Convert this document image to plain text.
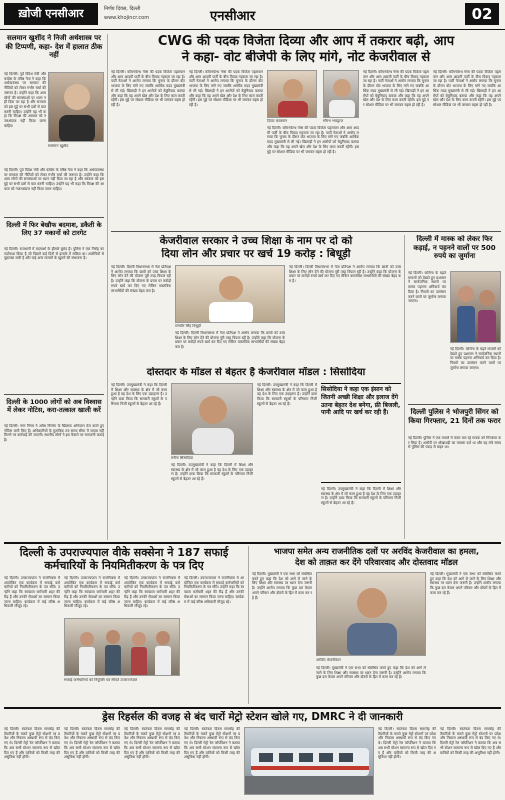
ख़ोजी एनसीआर	निर्णय दिवस, दिल्ली
www.khojincr.com	एनसीआर	02
सलमान खुर्शीद ने निजी अर्थशास्त्र पर की टिप्पणी, कहा- देश में हालात ठीक नहीं
नई दिल्ली। पूर्व विदेश मंत्री और कांग्रेस के वरिष्ठ नेता ने कहा कि अर्थव्यवस्था पर सरकार की नीतियों को लेकर गंभीर चर्चा की जरूरत है। उन्होंने कहा कि आम लोगों की समस्याओं पर ध्यान नहीं दिया जा रहा है और सरकार को इस मुद्दे पर सभी दलों से बात करनी चाहिए। उन्होंने यह भी कहा कि विपक्ष की आवाज को नजरअंदाज नहीं किया जाना चाहिए।
सलमान खुर्शीद
नई दिल्ली। पूर्व विदेश मंत्री और कांग्रेस के वरिष्ठ नेता ने कहा कि अर्थव्यवस्था पर सरकार की नीतियों को लेकर गंभीर चर्चा की जरूरत है। उन्होंने कहा कि आम लोगों की समस्याओं पर ध्यान नहीं दिया जा रहा है और सरकार को इस मुद्दे पर सभी दलों से बात करनी चाहिए। उन्होंने यह भी कहा कि विपक्ष की आवाज को नजरअंदाज नहीं किया जाना चाहिए।
दिल्ली में फिर बेखौफ बदमाश, डकैती के लिए 37 मकानों को टारगेट
नई दिल्ली। राजधानी में बदमाशों के हौसले बुलंद हैं। पुलिस ने एक गिरोह का पर्दाफाश किया है जो पिछले कई दिनों से इलाके में सक्रिय था। आरोपियों से पूछताछ जारी है और कई अन्य मामलों के खुलने की संभावना है।
दिल्ली के 1000 लोगों को अब विश्वास में लेकर नोटिस, करा-तत्काल खाली करें
नई दिल्ली। नगर निगम ने अवैध निर्माण के खिलाफ अभियान तेज करते हुए नोटिस जारी किए हैं। अधिकारियों के मुताबिक तय समय सीमा में जवाब नहीं मिलने पर कार्रवाई की जाएगी। स्थानीय लोगों ने इस फैसले पर नाराजगी जताई है।
CWG की पदक विजेता दिव्या और आप में तकरार बढ़ी, आप
ने कहा- वोट बीजेपी के लिए मांगे, नोट केजरीवाल से
नई दिल्ली। कॉमनवेल्थ गेम्स की पदक विजेता पहलवान और आम आदमी पार्टी के बीच विवाद गहराता जा रहा है। पार्टी नेताओं ने आरोप लगाया कि चुनाव के दौरान वोट भाजपा के लिए मांगे गए जबकि आर्थिक मदद मुख्यमंत्री से ली गई। खिलाड़ी ने इन आरोपों को बेबुनियाद बताया और कहा कि वह अपने खेल और देश के लिए काम करती रहेंगी। इस मुद्दे पर सोशल मीडिया पर भी जमकर बहस हो रही है।
नई दिल्ली। कॉमनवेल्थ गेम्स की पदक विजेता पहलवान और आम आदमी पार्टी के बीच विवाद गहराता जा रहा है। पार्टी नेताओं ने आरोप लगाया कि चुनाव के दौरान वोट भाजपा के लिए मांगे गए जबकि आर्थिक मदद मुख्यमंत्री से ली गई। खिलाड़ी ने इन आरोपों को बेबुनियाद बताया और कहा कि वह अपने खेल और देश के लिए काम करती रहेंगी। इस मुद्दे पर सोशल मीडिया पर भी जमकर बहस हो रही है।
दिव्या काकरान	सौरभ भारद्वाज
नई दिल्ली। कॉमनवेल्थ गेम्स की पदक विजेता पहलवान और आम आदमी पार्टी के बीच विवाद गहराता जा रहा है। पार्टी नेताओं ने आरोप लगाया कि चुनाव के दौरान वोट भाजपा के लिए मांगे गए जबकि आर्थिक मदद मुख्यमंत्री से ली गई। खिलाड़ी ने इन आरोपों को बेबुनियाद बताया और कहा कि वह अपने खेल और देश के लिए काम करती रहेंगी। इस मुद्दे पर सोशल मीडिया पर भी जमकर बहस हो रही है।
नई दिल्ली। कॉमनवेल्थ गेम्स की पदक विजेता पहलवान और आम आदमी पार्टी के बीच विवाद गहराता जा रहा है। पार्टी नेताओं ने आरोप लगाया कि चुनाव के दौरान वोट भाजपा के लिए मांगे गए जबकि आर्थिक मदद मुख्यमंत्री से ली गई। खिलाड़ी ने इन आरोपों को बेबुनियाद बताया और कहा कि वह अपने खेल और देश के लिए काम करती रहेंगी। इस मुद्दे पर सोशल मीडिया पर भी जमकर बहस हो रही है।
नई दिल्ली। कॉमनवेल्थ गेम्स की पदक विजेता पहलवान और आम आदमी पार्टी के बीच विवाद गहराता जा रहा है। पार्टी नेताओं ने आरोप लगाया कि चुनाव के दौरान वोट भाजपा के लिए मांगे गए जबकि आर्थिक मदद मुख्यमंत्री से ली गई। खिलाड़ी ने इन आरोपों को बेबुनियाद बताया और कहा कि वह अपने खेल और देश के लिए काम करती रहेंगी। इस मुद्दे पर सोशल मीडिया पर भी जमकर बहस हो रही है।
केजरीवाल सरकार ने उच्च शिक्षा के नाम पर दो को
दिया लोन और प्रचार पर खर्च 19 करोड़ : बिधूड़ी
नई दिल्ली। दिल्ली विधानसभा में नेता प्रतिपक्ष ने आरोप लगाया कि छात्रों को उच्च शिक्षा के लिए लोन देने की योजना पूरी तरह विफल रही है। उन्होंने कहा कि योजना के प्रचार पर करोड़ों रुपये खर्च कर दिए गए लेकिन वास्तविक लाभार्थियों की संख्या बेहद कम है।
रामवीर सिंह बिधूड़ी
नई दिल्ली। दिल्ली विधानसभा में नेता प्रतिपक्ष ने आरोप लगाया कि छात्रों को उच्च शिक्षा के लिए लोन देने की योजना पूरी तरह विफल रही है। उन्होंने कहा कि योजना के प्रचार पर करोड़ों रुपये खर्च कर दिए गए लेकिन वास्तविक लाभार्थियों की संख्या बेहद कम है।
नई दिल्ली। दिल्ली विधानसभा में नेता प्रतिपक्ष ने आरोप लगाया कि छात्रों को उच्च शिक्षा के लिए लोन देने की योजना पूरी तरह विफल रही है। उन्होंने कहा कि योजना के प्रचार पर करोड़ों रुपये खर्च कर दिए गए लेकिन वास्तविक लाभार्थियों की संख्या बेहद कम है।
दोस्तदार के मॉडल से बेहतर है केजरीवाल मॉडल : सिसोदिया
नई दिल्ली। उपमुख्यमंत्री ने कहा कि दिल्ली में शिक्षा और स्वास्थ्य के क्षेत्र में जो काम हुआ है वह देश के लिए एक उदाहरण है। उन्होंने दावा किया कि सरकारी स्कूलों के परिणाम निजी स्कूलों से बेहतर आ रहे हैं।
मनीष सिसोदिया
नई दिल्ली। उपमुख्यमंत्री ने कहा कि दिल्ली में शिक्षा और स्वास्थ्य के क्षेत्र में जो काम हुआ है वह देश के लिए एक उदाहरण है। उन्होंने दावा किया कि सरकारी स्कूलों के परिणाम निजी स्कूलों से बेहतर आ रहे हैं।
नई दिल्ली। उपमुख्यमंत्री ने कहा कि दिल्ली में शिक्षा और स्वास्थ्य के क्षेत्र में जो काम हुआ है वह देश के लिए एक उदाहरण है। उन्होंने दावा किया कि सरकारी स्कूलों के परिणाम निजी स्कूलों से बेहतर आ रहे हैं।
सिसोदिया ने कहा एक इंसान को जितनी अच्छी शिक्षा और इलाज देंगे उतना बेहतर देश बनेगा, फ्री बिजली, पानी आदि पर खर्च कर रही हैं।
नई दिल्ली। उपमुख्यमंत्री ने कहा कि दिल्ली में शिक्षा और स्वास्थ्य के क्षेत्र में जो काम हुआ है वह देश के लिए एक उदाहरण है। उन्होंने दावा किया कि सरकारी स्कूलों के परिणाम निजी स्कूलों से बेहतर आ रहे हैं।
दिल्ली में मास्क को लेकर फिर कड़ाई, न पहनने वालों पर 500 रुपये का जुर्माना
नई दिल्ली। कोरोना के बढ़ते मामलों को देखते हुए प्रशासन ने सार्वजनिक स्थानों पर मास्क पहनना अनिवार्य कर दिया है। नियमों का उल्लंघन करने वालों पर जुर्माना लगाया जाएगा।
नई दिल्ली। कोरोना के बढ़ते मामलों को देखते हुए प्रशासन ने सार्वजनिक स्थानों पर मास्क पहनना अनिवार्य कर दिया है। नियमों का उल्लंघन करने वालों पर जुर्माना लगाया जाएगा।
दिल्ली पुलिस ने भोजपुरी सिंगर को किया गिरफ्तार, 21 दिनों तक फरार
नई दिल्ली। पुलिस ने एक मामले में फरार चल रहे गायक को गिरफ्तार कर लिया है। आरोपी पर धोखाधड़ी का मामला दर्ज था और वह लंबे समय से पुलिस की पकड़ से बाहर था।
दिल्ली के उपराज्यपाल वीके सक्सेना ने 187 सफाई
कर्मचारियों के नियमितीकरण के पत्र दिए
नई दिल्ली। उपराज्यपाल ने राजनिवास में आयोजित एक कार्यक्रम में सफाई कर्मचारियों को नियमितीकरण के पत्र सौंपे। उन्होंने कहा कि स्वच्छता कर्मचारी शहर की रीढ़ हैं और उनकी सेवाओं का सम्मान किया जाना चाहिए। कार्यक्रम में कई वरिष्ठ अधिकारी मौजूद रहे।
नई दिल्ली। उपराज्यपाल ने राजनिवास में आयोजित एक कार्यक्रम में सफाई कर्मचारियों को नियमितीकरण के पत्र सौंपे। उन्होंने कहा कि स्वच्छता कर्मचारी शहर की रीढ़ हैं और उनकी सेवाओं का सम्मान किया जाना चाहिए। कार्यक्रम में कई वरिष्ठ अधिकारी मौजूद रहे।
सफाई कर्मचारियों को नियुक्ति पत्र सौंपते उपराज्यपाल
नई दिल्ली। उपराज्यपाल ने राजनिवास में आयोजित एक कार्यक्रम में सफाई कर्मचारियों को नियमितीकरण के पत्र सौंपे। उन्होंने कहा कि स्वच्छता कर्मचारी शहर की रीढ़ हैं और उनकी सेवाओं का सम्मान किया जाना चाहिए। कार्यक्रम में कई वरिष्ठ अधिकारी मौजूद रहे।
नई दिल्ली। उपराज्यपाल ने राजनिवास में आयोजित एक कार्यक्रम में सफाई कर्मचारियों को नियमितीकरण के पत्र सौंपे। उन्होंने कहा कि स्वच्छता कर्मचारी शहर की रीढ़ हैं और उनकी सेवाओं का सम्मान किया जाना चाहिए। कार्यक्रम में कई वरिष्ठ अधिकारी मौजूद रहे।
भाजपा समेत अन्य राजनीतिक दलों पर अरविंद केजरीवाल का हमला,
देश को ताक़त कर देंगे परिवारवाद और दोस्तवाद मॉडल
नई दिल्ली। मुख्यमंत्री ने एक सभा को संबोधित करते हुए कहा कि देश को आगे ले जाने के लिए शिक्षा और स्वास्थ्य पर ध्यान देना जरूरी है। उन्होंने आरोप लगाया कि कुछ दल केवल अपने परिवार और दोस्तों के हित में काम कर रहे हैं।
अरविंद केजरीवाल
नई दिल्ली। मुख्यमंत्री ने एक सभा को संबोधित करते हुए कहा कि देश को आगे ले जाने के लिए शिक्षा और स्वास्थ्य पर ध्यान देना जरूरी है। उन्होंने आरोप लगाया कि कुछ दल केवल अपने परिवार और दोस्तों के हित में काम कर रहे हैं।
नई दिल्ली। मुख्यमंत्री ने एक सभा को संबोधित करते हुए कहा कि देश को आगे ले जाने के लिए शिक्षा और स्वास्थ्य पर ध्यान देना जरूरी है। उन्होंने आरोप लगाया कि कुछ दल केवल अपने परिवार और दोस्तों के हित में काम कर रहे हैं।
ड्रेस रिहर्सल की वजह से बंद चारों मेट्रो स्टेशन खोले गए, DMRC ने दी जानकारी
नई दिल्ली। स्वतंत्रता दिवस समारोह की तैयारियों के चलते कुछ मेट्रो स्टेशनों पर प्रवेश और निकास अस्थायी रूप से बंद किए गए थे। दिल्ली मेट्रो रेल कॉर्पोरेशन ने बताया कि अब सभी स्टेशन सामान्य रूप से खोल दिए गए हैं और यात्रियों को किसी तरह की असुविधा नहीं होगी।
नई दिल्ली। स्वतंत्रता दिवस समारोह की तैयारियों के चलते कुछ मेट्रो स्टेशनों पर प्रवेश और निकास अस्थायी रूप से बंद किए गए थे। दिल्ली मेट्रो रेल कॉर्पोरेशन ने बताया कि अब सभी स्टेशन सामान्य रूप से खोल दिए गए हैं और यात्रियों को किसी तरह की असुविधा नहीं होगी।
नई दिल्ली। स्वतंत्रता दिवस समारोह की तैयारियों के चलते कुछ मेट्रो स्टेशनों पर प्रवेश और निकास अस्थायी रूप से बंद किए गए थे। दिल्ली मेट्रो रेल कॉर्पोरेशन ने बताया कि अब सभी स्टेशन सामान्य रूप से खोल दिए गए हैं और यात्रियों को किसी तरह की असुविधा नहीं होगी।
नई दिल्ली। स्वतंत्रता दिवस समारोह की तैयारियों के चलते कुछ मेट्रो स्टेशनों पर प्रवेश और निकास अस्थायी रूप से बंद किए गए थे। दिल्ली मेट्रो रेल कॉर्पोरेशन ने बताया कि अब सभी स्टेशन सामान्य रूप से खोल दिए गए हैं और यात्रियों को किसी तरह की असुविधा नहीं होगी।
नई दिल्ली। स्वतंत्रता दिवस समारोह की तैयारियों के चलते कुछ मेट्रो स्टेशनों पर प्रवेश और निकास अस्थायी रूप से बंद किए गए थे। दिल्ली मेट्रो रेल कॉर्पोरेशन ने बताया कि अब सभी स्टेशन सामान्य रूप से खोल दिए गए हैं और यात्रियों को किसी तरह की असुविधा नहीं होगी।
नई दिल्ली। स्वतंत्रता दिवस समारोह की तैयारियों के चलते कुछ मेट्रो स्टेशनों पर प्रवेश और निकास अस्थायी रूप से बंद किए गए थे। दिल्ली मेट्रो रेल कॉर्पोरेशन ने बताया कि अब सभी स्टेशन सामान्य रूप से खोल दिए गए हैं और यात्रियों को किसी तरह की असुविधा नहीं होगी।
